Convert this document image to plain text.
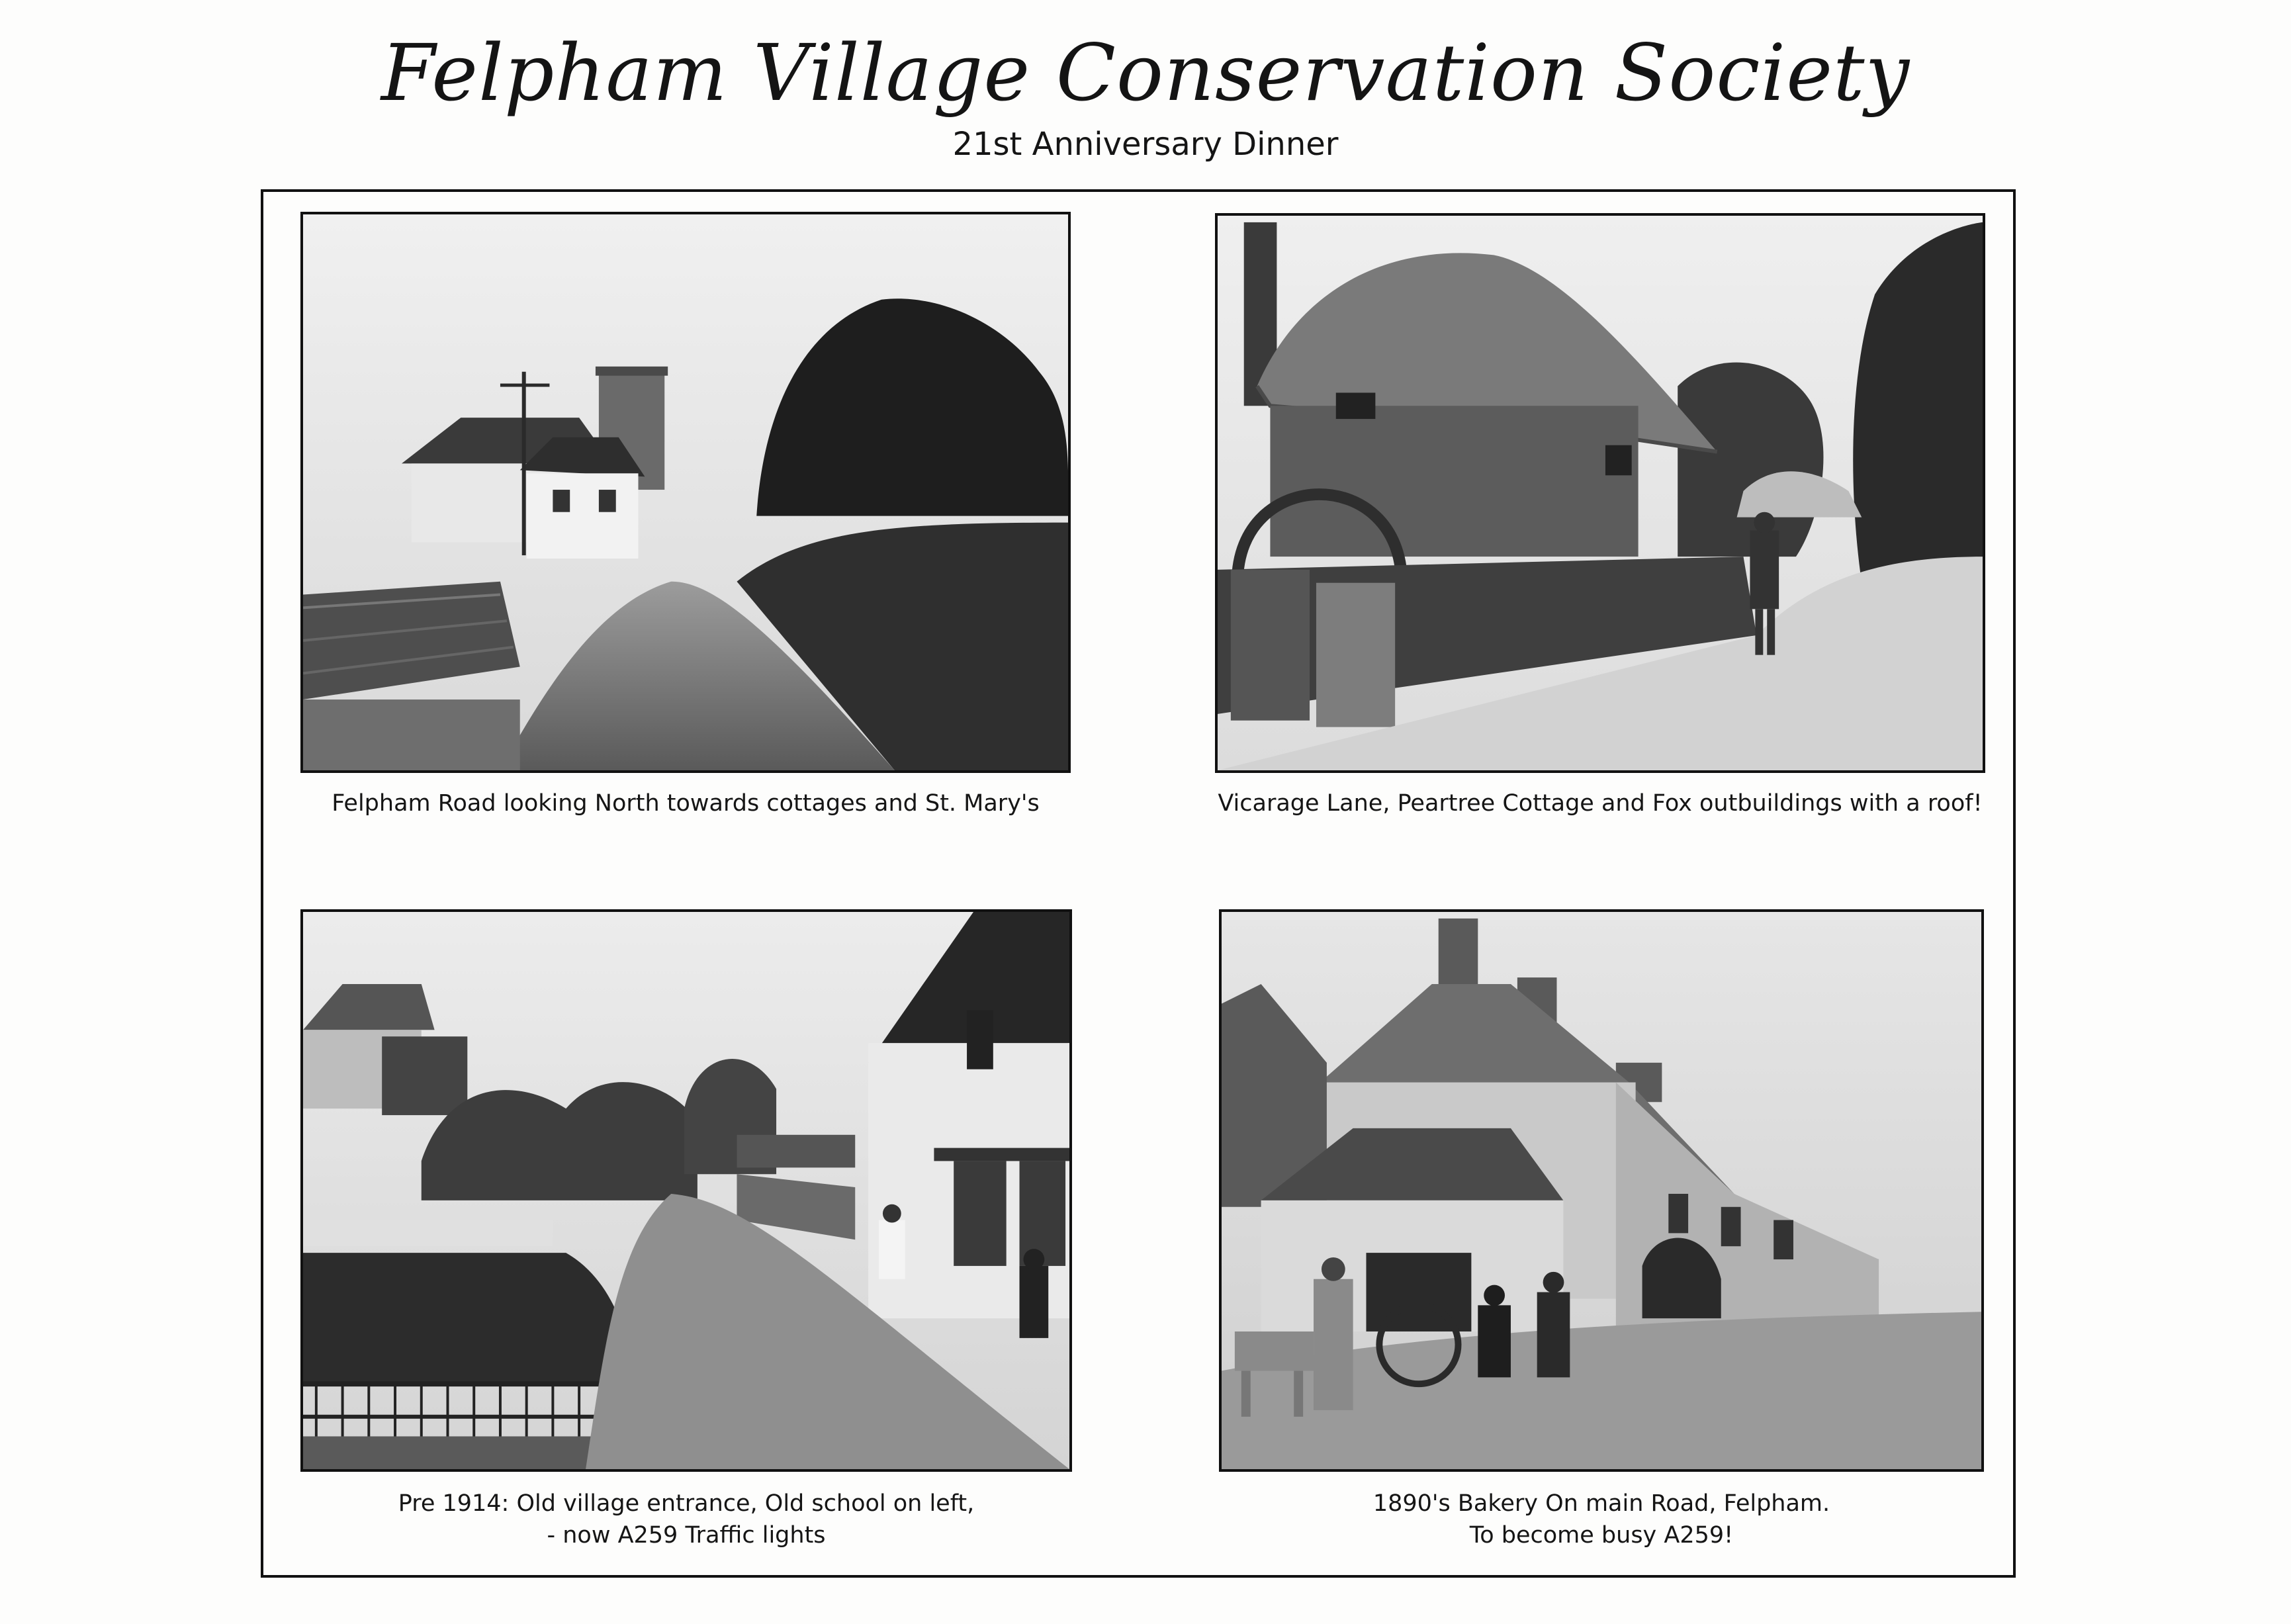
Felpham Village Conservation Society
21st Anniversary Dinner
Felpham Road looking North towards cottages and St. Mary's	Vicarage Lane, Peartree Cottage and Fox outbuildings with a roof!
Pre 1914: Old village entrance, Old school on left,
- now A259 Traffic lights
1890's Bakery On main Road, Felpham.
To become busy A259!
